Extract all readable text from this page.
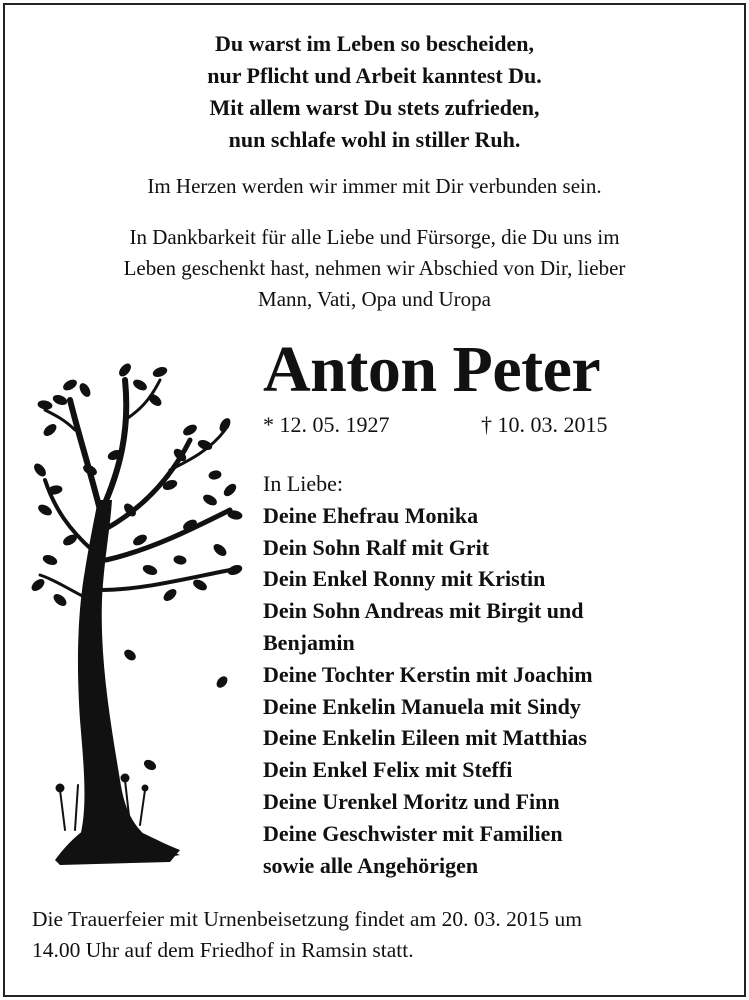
Du warst im Leben so bescheiden,
nur Pflicht und Arbeit kanntest Du.
Mit allem warst Du stets zufrieden,
nun schlafe wohl in stiller Ruh.
Im Herzen werden wir immer mit Dir verbunden sein.
In Dankbarkeit für alle Liebe und Fürsorge, die Du uns im
Leben geschenkt hast, nehmen wir Abschied von Dir, lieber
Mann, Vati, Opa und Uropa
Anton Peter
* 12. 05. 1927	† 10. 03. 2015
In Liebe:
Deine Ehefrau Monika
Dein Sohn Ralf mit Grit
Dein Enkel Ronny mit Kristin
Dein Sohn Andreas mit Birgit und
Benjamin
Deine Tochter Kerstin mit Joachim
Deine Enkelin Manuela mit Sindy
Deine Enkelin Eileen mit Matthias
Dein Enkel Felix mit Steffi
Deine Urenkel Moritz und Finn
Deine Geschwister mit Familien
sowie alle Angehörigen
Die Trauerfeier mit Urnenbeisetzung findet am 20. 03. 2015 um
14.00 Uhr auf dem Friedhof in Ramsin statt.
